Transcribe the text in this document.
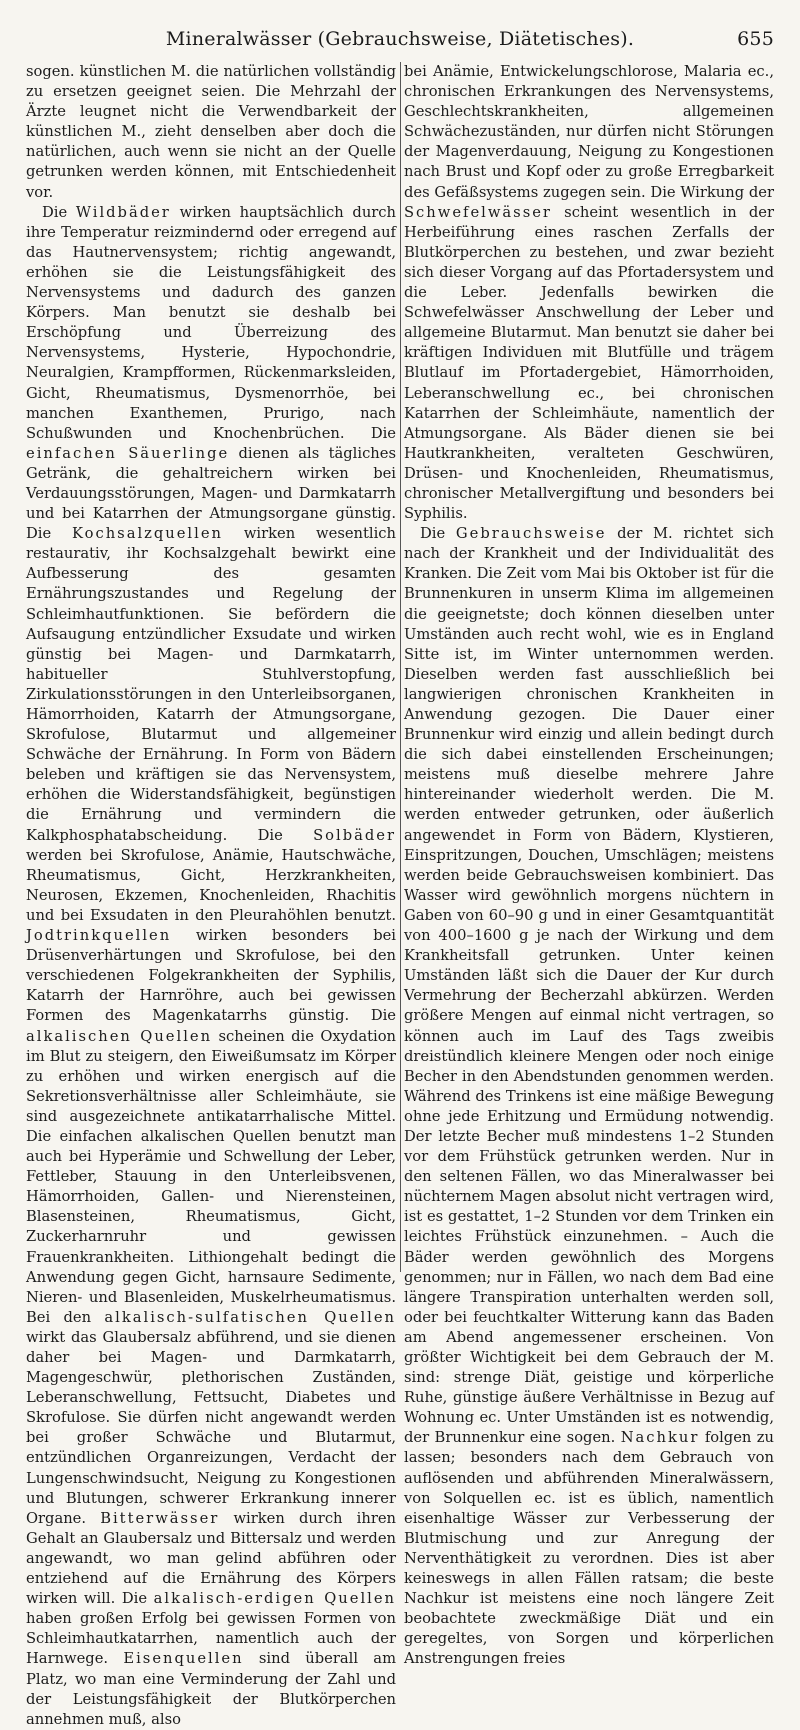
Mineralwässer (Gebrauchsweise, Diätetisches).	655

sogen. künstlichen M. die natürlichen vollständig zu ersetzen geeignet seien. Die Mehrzahl der Ärzte leugnet nicht die Verwendbarkeit der künstlichen M., zieht denselben aber doch die natürlichen, auch wenn sie nicht an der Quelle getrunken werden können, mit Entschiedenheit vor.

Die Wildbäder wirken hauptsächlich durch ihre Temperatur reizmindernd oder erregend auf das Hautnervensystem; richtig angewandt, erhöhen sie die Leistungsfähigkeit des Nervensystems und dadurch des ganzen Körpers. Man benutzt sie deshalb bei Erschöpfung und Überreizung des Nervensystems, Hysterie, Hypochondrie, Neuralgien, Krampfformen, Rückenmarksleiden, Gicht, Rheumatismus, Dysmenorrhöe, bei manchen Exanthemen, Prurigo, nach Schußwunden und Knochenbrüchen. Die einfachen Säuerlinge dienen als tägliches Getränk, die gehaltreichern wirken bei Verdauungsstörungen, Magen- und Darmkatarrh und bei Katarrhen der Atmungsorgane günstig. Die Kochsalzquellen wirken wesentlich restaurativ, ihr Kochsalzgehalt bewirkt eine Aufbesserung des gesamten Ernährungszustandes und Regelung der Schleimhautfunktionen. Sie befördern die Aufsaugung entzündlicher Exsudate und wirken günstig bei Magen- und Darmkatarrh, habitueller Stuhlverstopfung, Zirkulationsstörungen in den Unterleibsorganen, Hämorrhoiden, Katarrh der Atmungsorgane, Skrofulose, Blutarmut und allgemeiner Schwäche der Ernährung. In Form von Bädern beleben und kräftigen sie das Nervensystem, erhöhen die Widerstandsfähigkeit, begünstigen die Ernährung und vermindern die Kalkphosphatabscheidung. Die Solbäder werden bei Skrofulose, Anämie, Hautschwäche, Rheumatismus, Gicht, Herzkrankheiten, Neurosen, Ekzemen, Knochenleiden, Rhachitis und bei Exsudaten in den Pleurahöhlen benutzt. Jodtrinkquellen wirken besonders bei Drüsenverhärtungen und Skrofulose, bei den verschiedenen Folgekrankheiten der Syphilis, Katarrh der Harnröhre, auch bei gewissen Formen des Magenkatarrhs günstig. Die alkalischen Quellen scheinen die Oxydation im Blut zu steigern, den Eiweißumsatz im Körper zu erhöhen und wirken energisch auf die Sekretionsverhältnisse aller Schleimhäute, sie sind ausgezeichnete antikatarrhalische Mittel. Die einfachen alkalischen Quellen benutzt man auch bei Hyperämie und Schwellung der Leber, Fettleber, Stauung in den Unterleibsvenen, Hämorrhoiden, Gallen- und Nierensteinen, Blasensteinen, Rheumatismus, Gicht, Zuckerharnruhr und gewissen Frauenkrankheiten. Lithiongehalt bedingt die Anwendung gegen Gicht, harnsaure Sedimente, Nieren- und Blasenleiden, Muskelrheumatismus. Bei den alkalisch-sulfatischen Quellen wirkt das Glaubersalz abführend, und sie dienen daher bei Magen- und Darmkatarrh, Magengeschwür, plethorischen Zuständen, Leberanschwellung, Fettsucht, Diabetes und Skrofulose. Sie dürfen nicht angewandt werden bei großer Schwäche und Blutarmut, entzündlichen Organreizungen, Verdacht der Lungenschwindsucht, Neigung zu Kongestionen und Blutungen, schwerer Erkrankung innerer Organe. Bitterwässer wirken durch ihren Gehalt an Glaubersalz und Bittersalz und werden angewandt, wo man gelind abführen oder entziehend auf die Ernährung des Körpers wirken will. Die alkalisch-erdigen Quellen haben großen Erfolg bei gewissen Formen von Schleimhautkatarrhen, namentlich auch der Harnwege. Eisenquellen sind überall am Platz, wo man eine Verminderung der Zahl und der Leistungsfähigkeit der Blutkörperchen annehmen muß, also

bei Anämie, Entwickelungschlorose, Malaria ec., chronischen Erkrankungen des Nervensystems, Geschlechtskrankheiten, allgemeinen Schwächezuständen, nur dürfen nicht Störungen der Magenverdauung, Neigung zu Kongestionen nach Brust und Kopf oder zu große Erregbarkeit des Gefäßsystems zugegen sein. Die Wirkung der Schwefelwässer scheint wesentlich in der Herbeiführung eines raschen Zerfalls der Blutkörperchen zu bestehen, und zwar bezieht sich dieser Vorgang auf das Pfortadersystem und die Leber. Jedenfalls bewirken die Schwefelwässer Anschwellung der Leber und allgemeine Blutarmut. Man benutzt sie daher bei kräftigen Individuen mit Blutfülle und trägem Blutlauf im Pfortadergebiet, Hämorrhoiden, Leberanschwellung ec., bei chronischen Katarrhen der Schleimhäute, namentlich der Atmungsorgane. Als Bäder dienen sie bei Hautkrankheiten, veralteten Geschwüren, Drüsen- und Knochenleiden, Rheumatismus, chronischer Metallvergiftung und besonders bei Syphilis.

Die Gebrauchsweise der M. richtet sich nach der Krankheit und der Individualität des Kranken. Die Zeit vom Mai bis Oktober ist für die Brunnenkuren in unserm Klima im allgemeinen die geeignetste; doch können dieselben unter Umständen auch recht wohl, wie es in England Sitte ist, im Winter unternommen werden. Dieselben werden fast ausschließlich bei langwierigen chronischen Krankheiten in Anwendung gezogen. Die Dauer einer Brunnenkur wird einzig und allein bedingt durch die sich dabei einstellenden Erscheinungen; meistens muß dieselbe mehrere Jahre hintereinander wiederholt werden. Die M. werden entweder getrunken, oder äußerlich angewendet in Form von Bädern, Klystieren, Einspritzungen, Douchen, Umschlägen; meistens werden beide Gebrauchsweisen kombiniert. Das Wasser wird gewöhnlich morgens nüchtern in Gaben von 60–90 g und in einer Gesamtquantität von 400–1600 g je nach der Wirkung und dem Krankheitsfall getrunken. Unter keinen Umständen läßt sich die Dauer der Kur durch Vermehrung der Becherzahl abkürzen. Werden größere Mengen auf einmal nicht vertragen, so können auch im Lauf des Tags zweibis dreistündlich kleinere Mengen oder noch einige Becher in den Abendstunden genommen werden. Während des Trinkens ist eine mäßige Bewegung ohne jede Erhitzung und Ermüdung notwendig. Der letzte Becher muß mindestens 1–2 Stunden vor dem Frühstück getrunken werden. Nur in den seltenen Fällen, wo das Mineralwasser bei nüchternem Magen absolut nicht vertragen wird, ist es gestattet, 1–2 Stunden vor dem Trinken ein leichtes Frühstück einzunehmen. – Auch die Bäder werden gewöhnlich des Morgens genommen; nur in Fällen, wo nach dem Bad eine längere Transpiration unterhalten werden soll, oder bei feuchtkalter Witterung kann das Baden am Abend angemessener erscheinen. Von größter Wichtigkeit bei dem Gebrauch der M. sind: strenge Diät, geistige und körperliche Ruhe, günstige äußere Verhältnisse in Bezug auf Wohnung ec. Unter Umständen ist es notwendig, der Brunnenkur eine sogen. Nachkur folgen zu lassen; besonders nach dem Gebrauch von auflösenden und abführenden Mineralwässern, von Solquellen ec. ist es üblich, namentlich eisenhaltige Wässer zur Verbesserung der Blutmischung und zur Anregung der Nerventhätigkeit zu verordnen. Dies ist aber keineswegs in allen Fällen ratsam; die beste Nachkur ist meistens eine noch längere Zeit beobachtete zweckmäßige Diät und ein geregeltes, von Sorgen und körperlichen Anstrengungen freies
